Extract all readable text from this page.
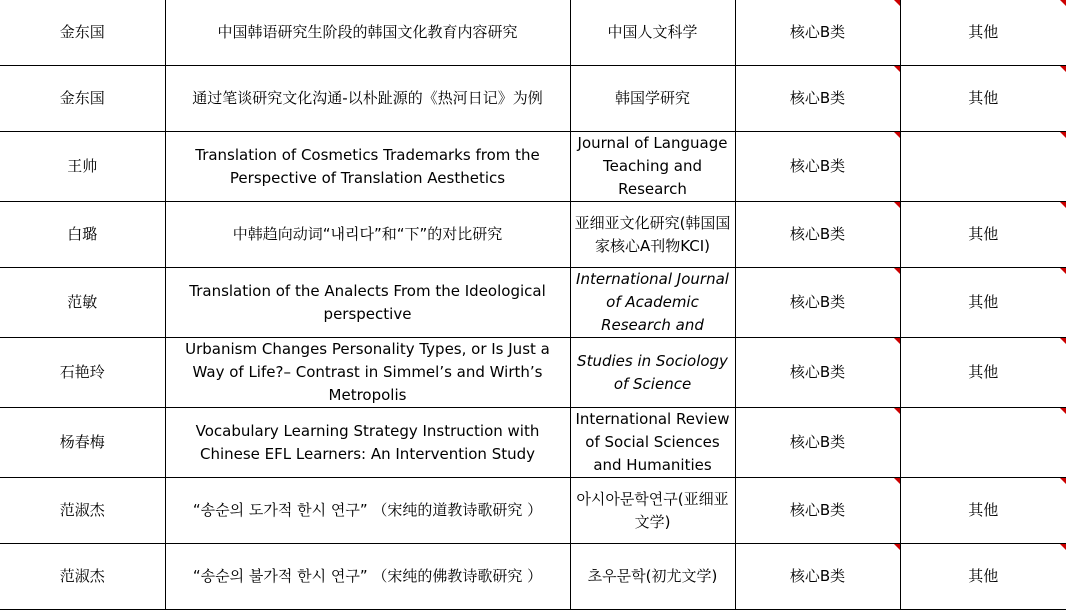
金东国	中国韩语研究生阶段的韩国文化教育内容研究	中国人文科学	核心B类	其他

金东国	通过笔谈研究文化沟通-以朴趾源的《热河日记》为例	韩国学研究	核心B类	其他

王帅	Translation of Cosmetics Trademarks from the Perspective of Translation Aesthetics	Journal of Language Teaching and Research	核心B类	

白璐	中韩趋向动词“내리다”和“下”的对比研究	亚细亚文化研究(韩国国家核心A刊物KCI)	核心B类	其他

范敏	Translation of the Analects From the Ideological perspective	International Journal of Academic Research and	核心B类	其他

石艳玲	Urbanism Changes Personality Types, or Is Just a Way of Life?– Contrast in Simmel’s and Wirth’s Metropolis	Studies in Sociology of Science	核心B类	其他

杨春梅	Vocabulary Learning Strategy Instruction with Chinese EFL Learners: An Intervention Study	International Review of Social Sciences and Humanities	核心B类	

范淑杰	“송순의 도가적 한시 연구” （宋纯的道教诗歌研究 ）	아시아문학연구(亚细亚文学)	核心B类	其他

范淑杰	“송순의 불가적 한시 연구” （宋纯的佛教诗歌研究 ）	초우문학(初尤文学)	核心B类	其他
